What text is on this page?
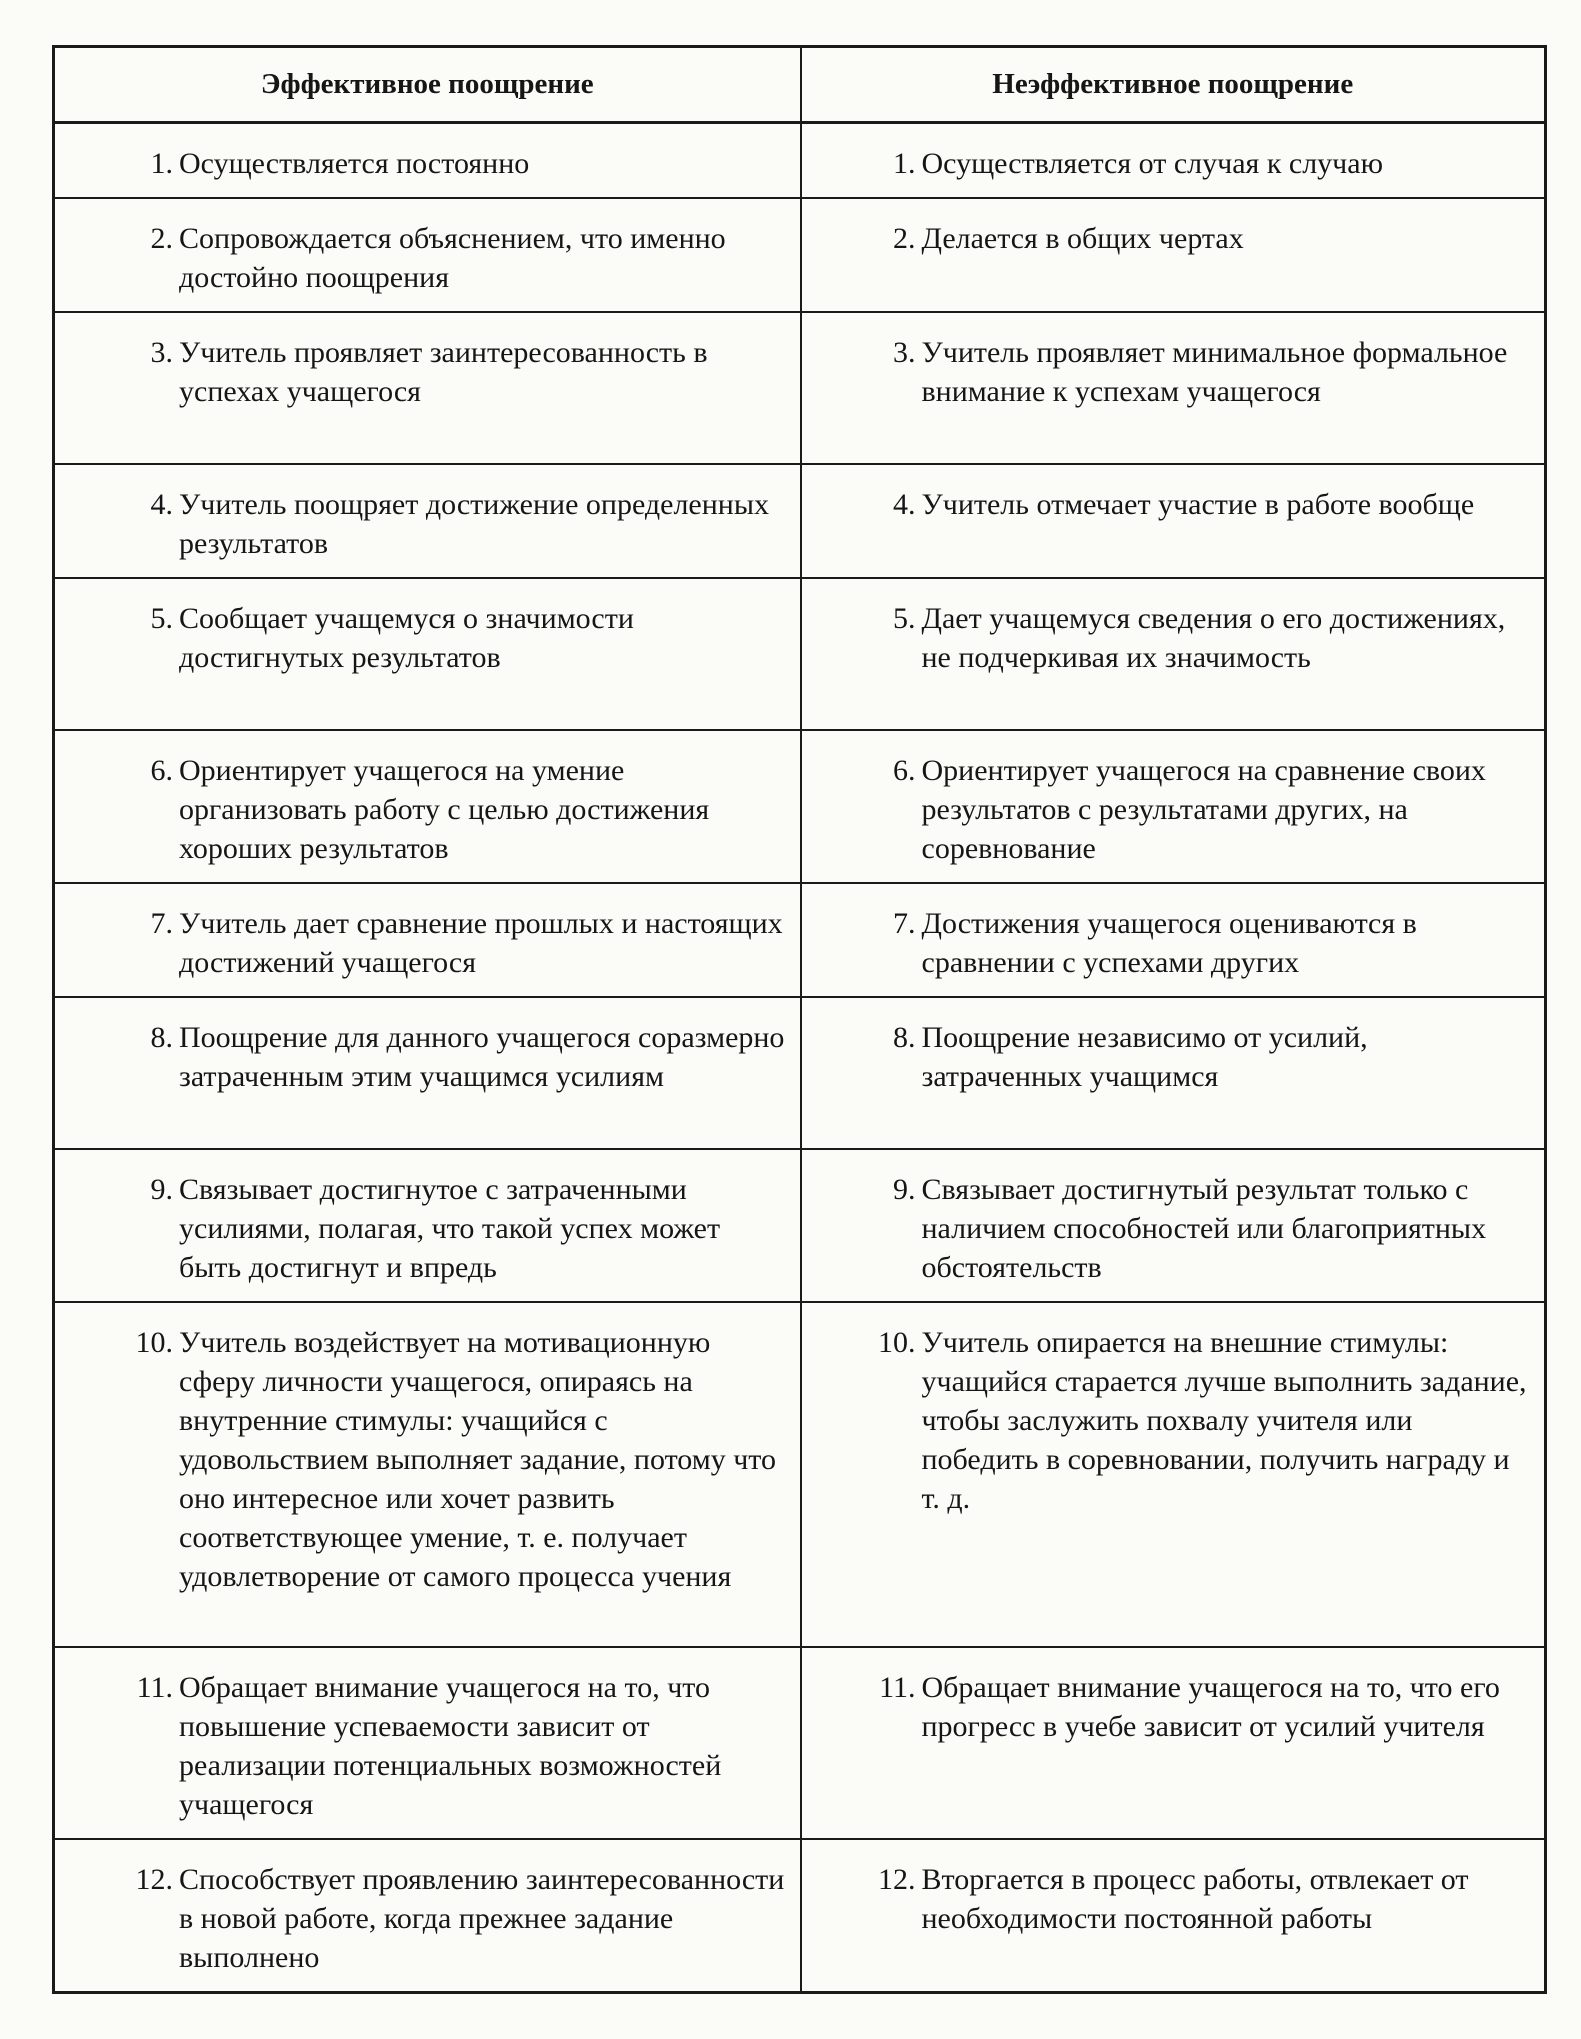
Эффективное поощрение	Неэффективное поощрение

1. Осуществляется постоянно	1. Осуществляется от случая к случаю

2. Сопровождается объяснением, что именно достойно поощрения	2. Делается в общих чертах

3. Учитель проявляет заинтересованность в успехах учащегося	3. Учитель проявляет минимальное формальное внимание к успехам учащегося

4. Учитель поощряет достижение определенных результатов	4. Учитель отмечает участие в работе вообще

5. Сообщает учащемуся о значимости достигнутых результатов	5. Дает учащемуся сведения о его достижениях, не подчеркивая их значимость

6. Ориентирует учащегося на умение организовать работу с целью достижения хороших результатов	6. Ориентирует учащегося на сравнение своих результатов с результатами других, на соревнование

7. Учитель дает сравнение прошлых и настоящих достижений учащегося	7. Достижения учащегося оцениваются в сравнении с успехами других

8. Поощрение для данного учащегося соразмерно затраченным этим учащимся усилиям	8. Поощрение независимо от усилий, затраченных учащимся

9. Связывает достигнутое с затраченными усилиями, полагая, что такой успех может быть достигнут и впредь	9. Связывает достигнутый результат только с наличием способностей или благоприятных обстоятельств

10. Учитель воздействует на мотивационную сферу личности учащегося, опираясь на внутренние стимулы: учащийся с удовольствием выполняет задание, потому что оно интересное или хочет развить соответствующее умение, т. е. получает удовлетворение от самого процесса учения	10. Учитель опирается на внешние стимулы: учащийся старается лучше выполнить задание, чтобы заслужить похвалу учителя или победить в соревновании, получить награду и т. д.

11. Обращает внимание учащегося на то, что повышение успеваемости зависит от реализации потенциальных возможностей учащегося	11. Обращает внимание учащегося на то, что его прогресс в учебе зависит от усилий учителя

12. Способствует проявлению заинтересованности в новой работе, когда прежнее задание выполнено	12. Вторгается в процесс работы, отвлекает от необходимости постоянной работы
